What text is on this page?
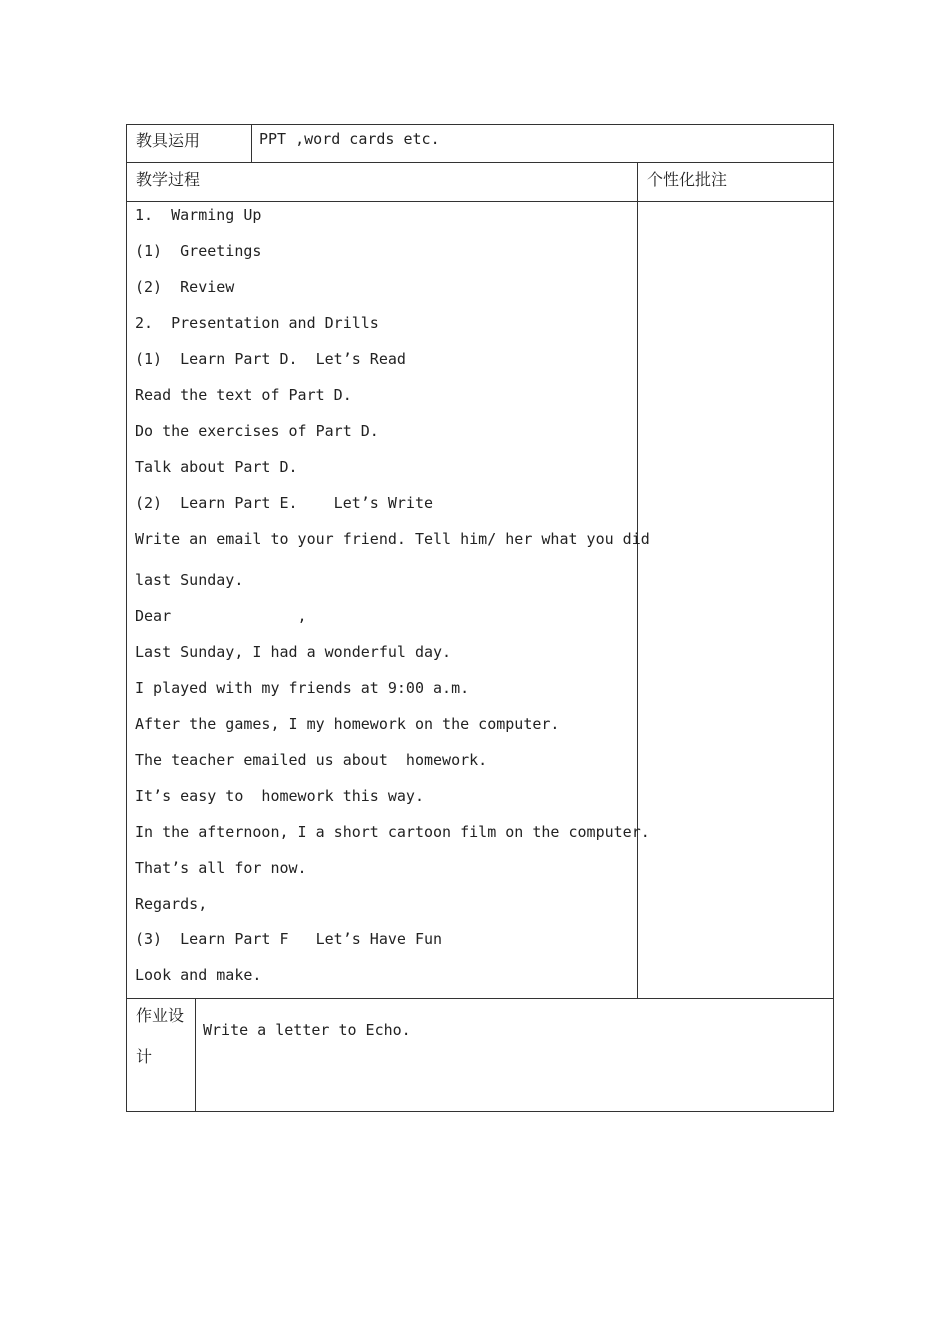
教具运用	PPT ,word cards etc.
教学过程	个性化批注
1.  Warming Up
(1)  Greetings
(2)  Review
2.  Presentation and Drills
(1)  Learn Part D.  Let’s Read
Read the text of Part D.
Do the exercises of Part D.
Talk about Part D.
(2)  Learn Part E.    Let’s Write
Write an email to your friend. Tell him/ her what you did
last Sunday.
Dear              ,
Last Sunday, I had a wonderful day.
I played with my friends at 9:00 a.m.
After the games, I my homework on the computer.
The teacher emailed us about  homework.
It’s easy to  homework this way.
In the afternoon, I a short cartoon film on the computer.
That’s all for now.
Regards,
(3)  Learn Part F   Let’s Have Fun
Look and make.
作业设
计
Write a letter to Echo.
